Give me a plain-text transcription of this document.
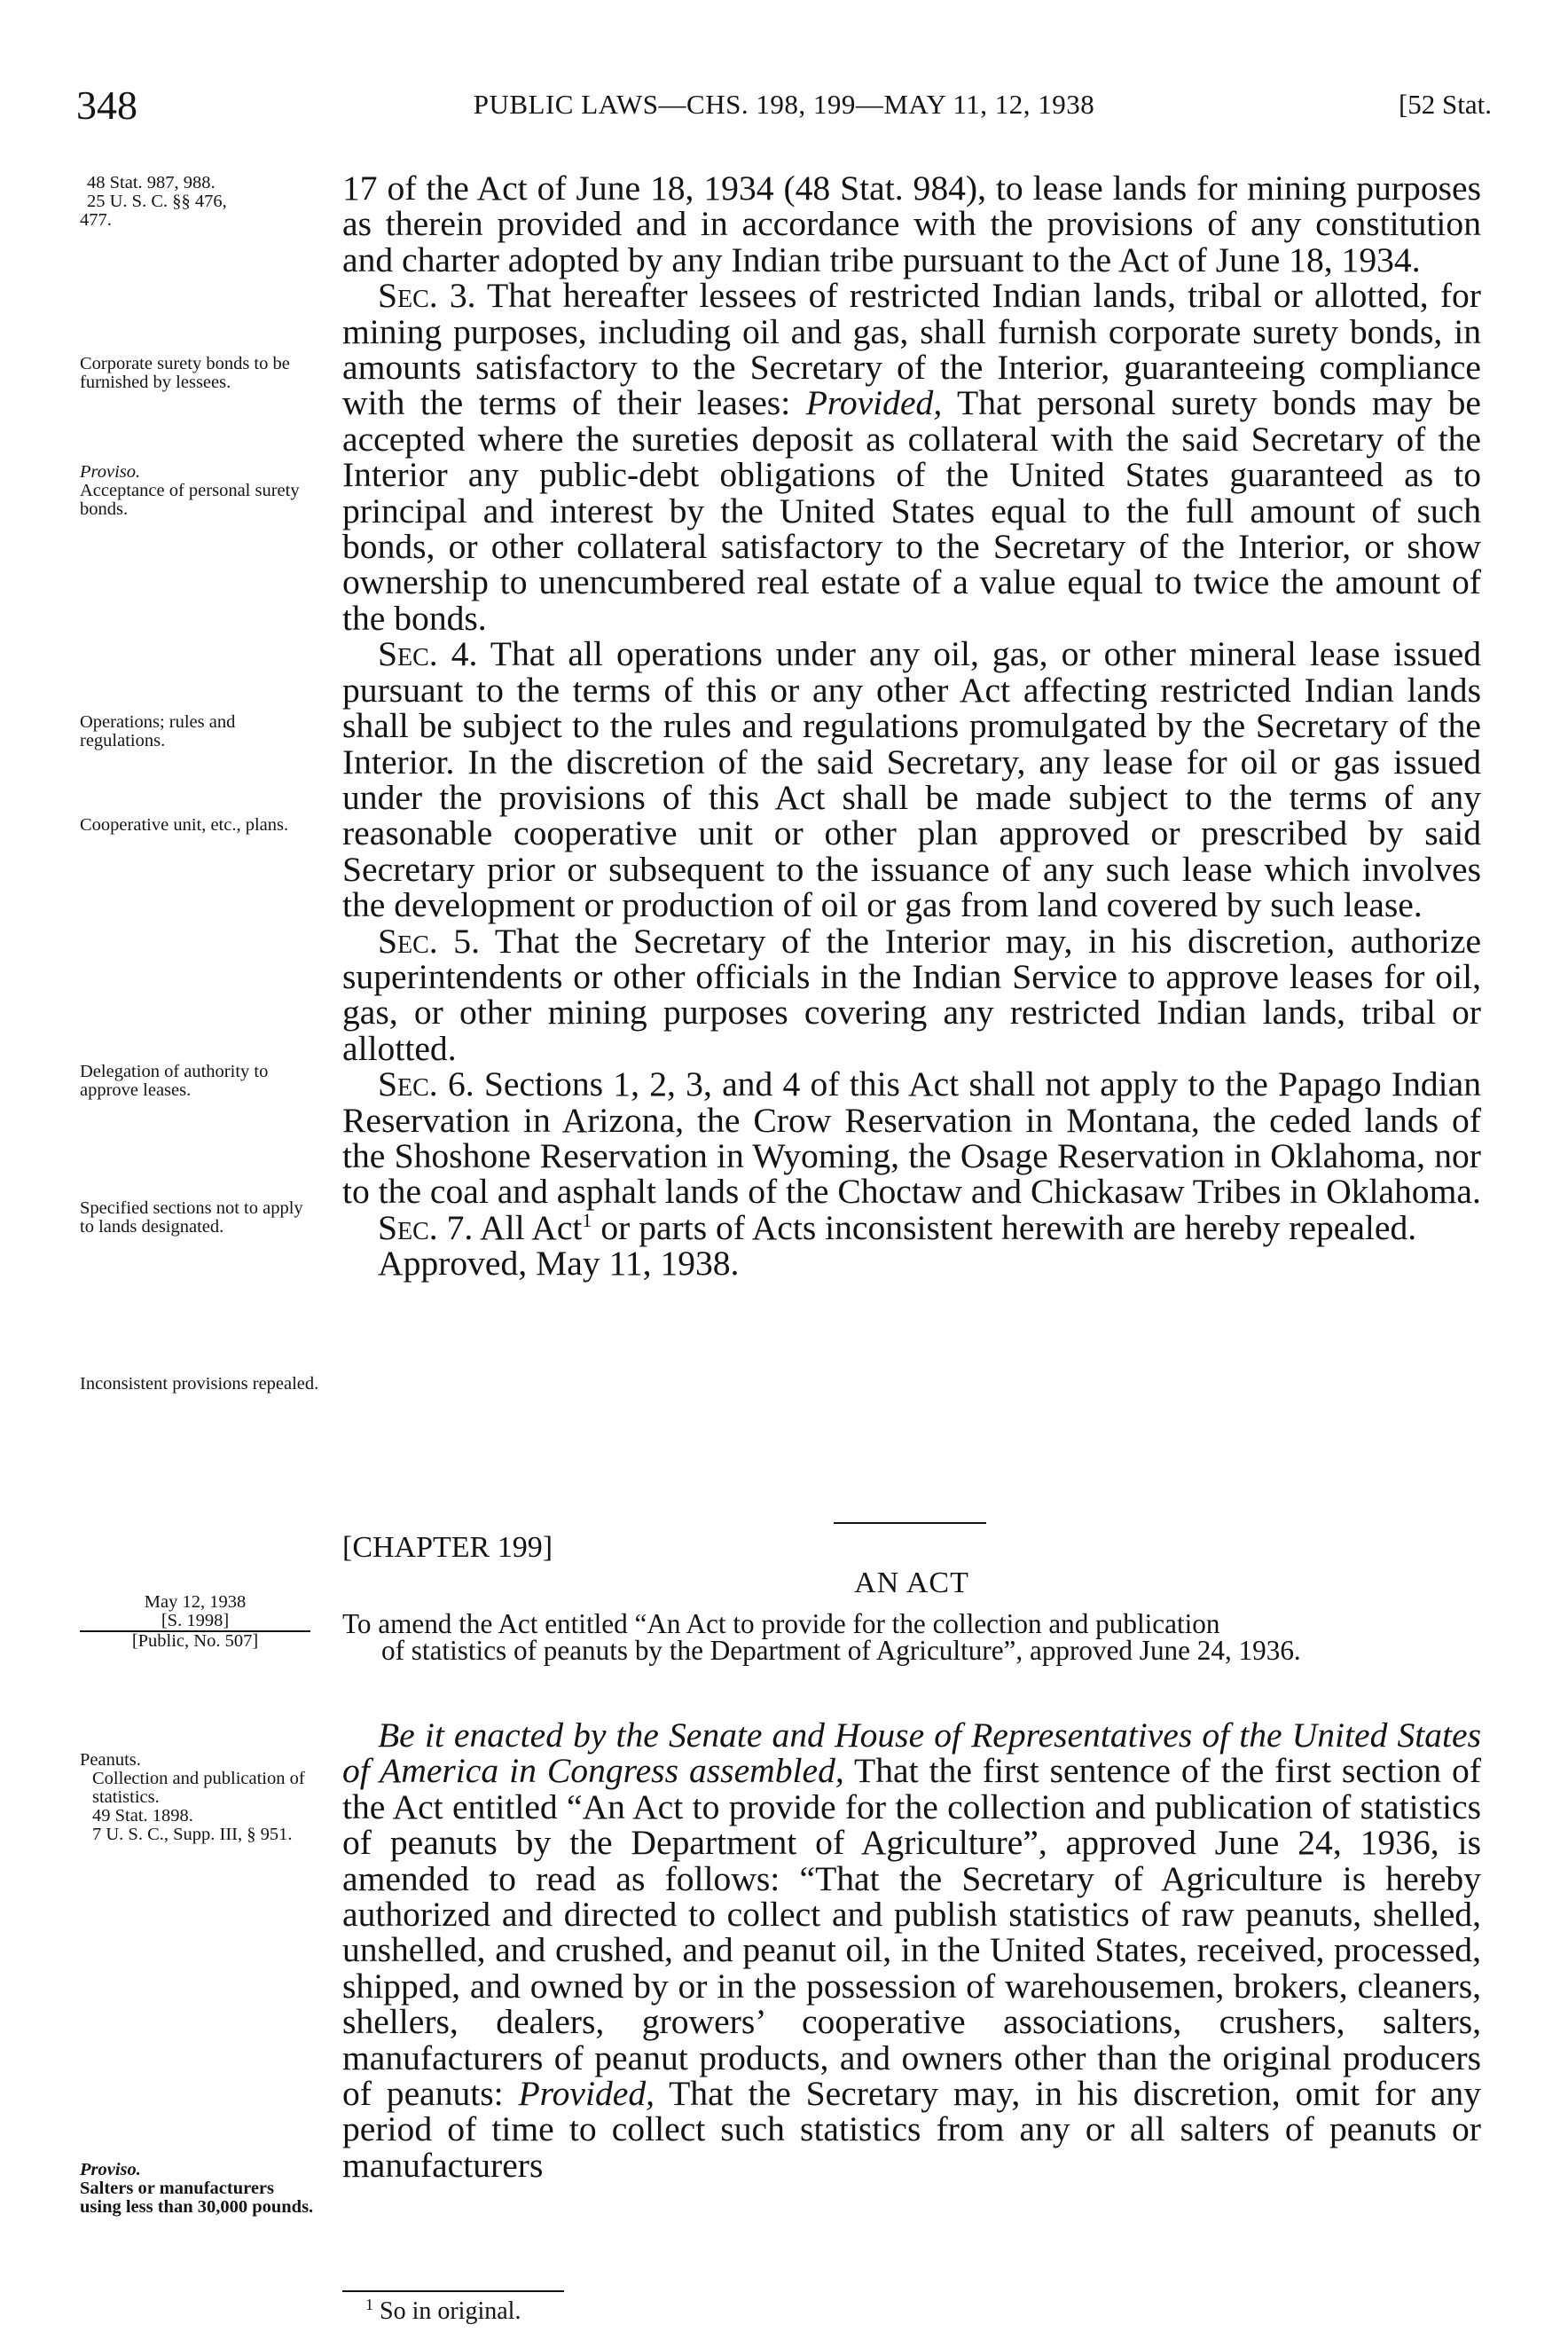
348	PUBLIC LAWS—CHS. 198, 199—MAY 11, 12, 1938	[52 Stat.
48 Stat. 987, 988.
25 U. S. C. §§ 476,
477.
Corporate surety bonds to be furnished by lessees.
Proviso.
Acceptance of personal surety bonds.
Operations; rules and regulations.
Cooperative unit, etc., plans.
Delegation of authority to approve leases.
Specified sections not to apply to lands designated.
Inconsistent provisions repealed.
May 12, 1938
[S. 1998]
[Public, No. 507]
Peanuts.
Collection and publication of statistics.
49 Stat. 1898.
7 U. S. C., Supp. III, § 951.
Proviso.
Salters or manufacturers using less than 30,000 pounds.

17 of the Act of June 18, 1934 (48 Stat. 984), to lease lands for mining purposes as therein provided and in accordance with the provisions of any constitution and charter adopted by any Indian tribe pursuant to the Act of June 18, 1934.

Sec. 3. That hereafter lessees of restricted Indian lands, tribal or allotted, for mining purposes, including oil and gas, shall furnish corporate surety bonds, in amounts satisfactory to the Secretary of the Interior, guaranteeing compliance with the terms of their leases: Provided, That personal surety bonds may be accepted where the sureties deposit as collateral with the said Secretary of the Interior any public-debt obligations of the United States guaranteed as to principal and interest by the United States equal to the full amount of such bonds, or other collateral satisfactory to the Secretary of the Interior, or show ownership to unencumbered real estate of a value equal to twice the amount of the bonds.

Sec. 4. That all operations under any oil, gas, or other mineral lease issued pursuant to the terms of this or any other Act affecting restricted Indian lands shall be subject to the rules and regulations promulgated by the Secretary of the Interior. In the discretion of the said Secretary, any lease for oil or gas issued under the provisions of this Act shall be made subject to the terms of any reasonable cooperative unit or other plan approved or prescribed by said Secretary prior or subsequent to the issuance of any such lease which involves the development or production of oil or gas from land covered by such lease.

Sec. 5. That the Secretary of the Interior may, in his discretion, authorize superintendents or other officials in the Indian Service to approve leases for oil, gas, or other mining purposes covering any restricted Indian lands, tribal or allotted.

Sec. 6. Sections 1, 2, 3, and 4 of this Act shall not apply to the Papago Indian Reservation in Arizona, the Crow Reservation in Montana, the ceded lands of the Shoshone Reservation in Wyoming, the Osage Reservation in Oklahoma, nor to the coal and asphalt lands of the Choctaw and Chickasaw Tribes in Oklahoma.

Sec. 7. All Act$^1$ or parts of Acts inconsistent herewith are hereby repealed.

Approved, May 11, 1938.

[CHAPTER 199]
AN ACT
To amend the Act entitled “An Act to provide for the collection and publication
of statistics of peanuts by the Department of Agriculture”, approved June 24, 1936.

Be it enacted by the Senate and House of Representatives of the United States of America in Congress assembled, That the first sentence of the first section of the Act entitled “An Act to provide for the collection and publication of statistics of peanuts by the Department of Agriculture”, approved June 24, 1936, is amended to read as follows: “That the Secretary of Agriculture is hereby authorized and directed to collect and publish statistics of raw peanuts, shelled, unshelled, and crushed, and peanut oil, in the United States, received, processed, shipped, and owned by or in the possession of warehousemen, brokers, cleaners, shellers, dealers, growers’ cooperative associations, crushers, salters, manufacturers of peanut products, and owners other than the original producers of peanuts: Provided, That the Secretary may, in his discretion, omit for any period of time to collect such statistics from any or all salters of peanuts or manufacturers

$^1$ So in original.
